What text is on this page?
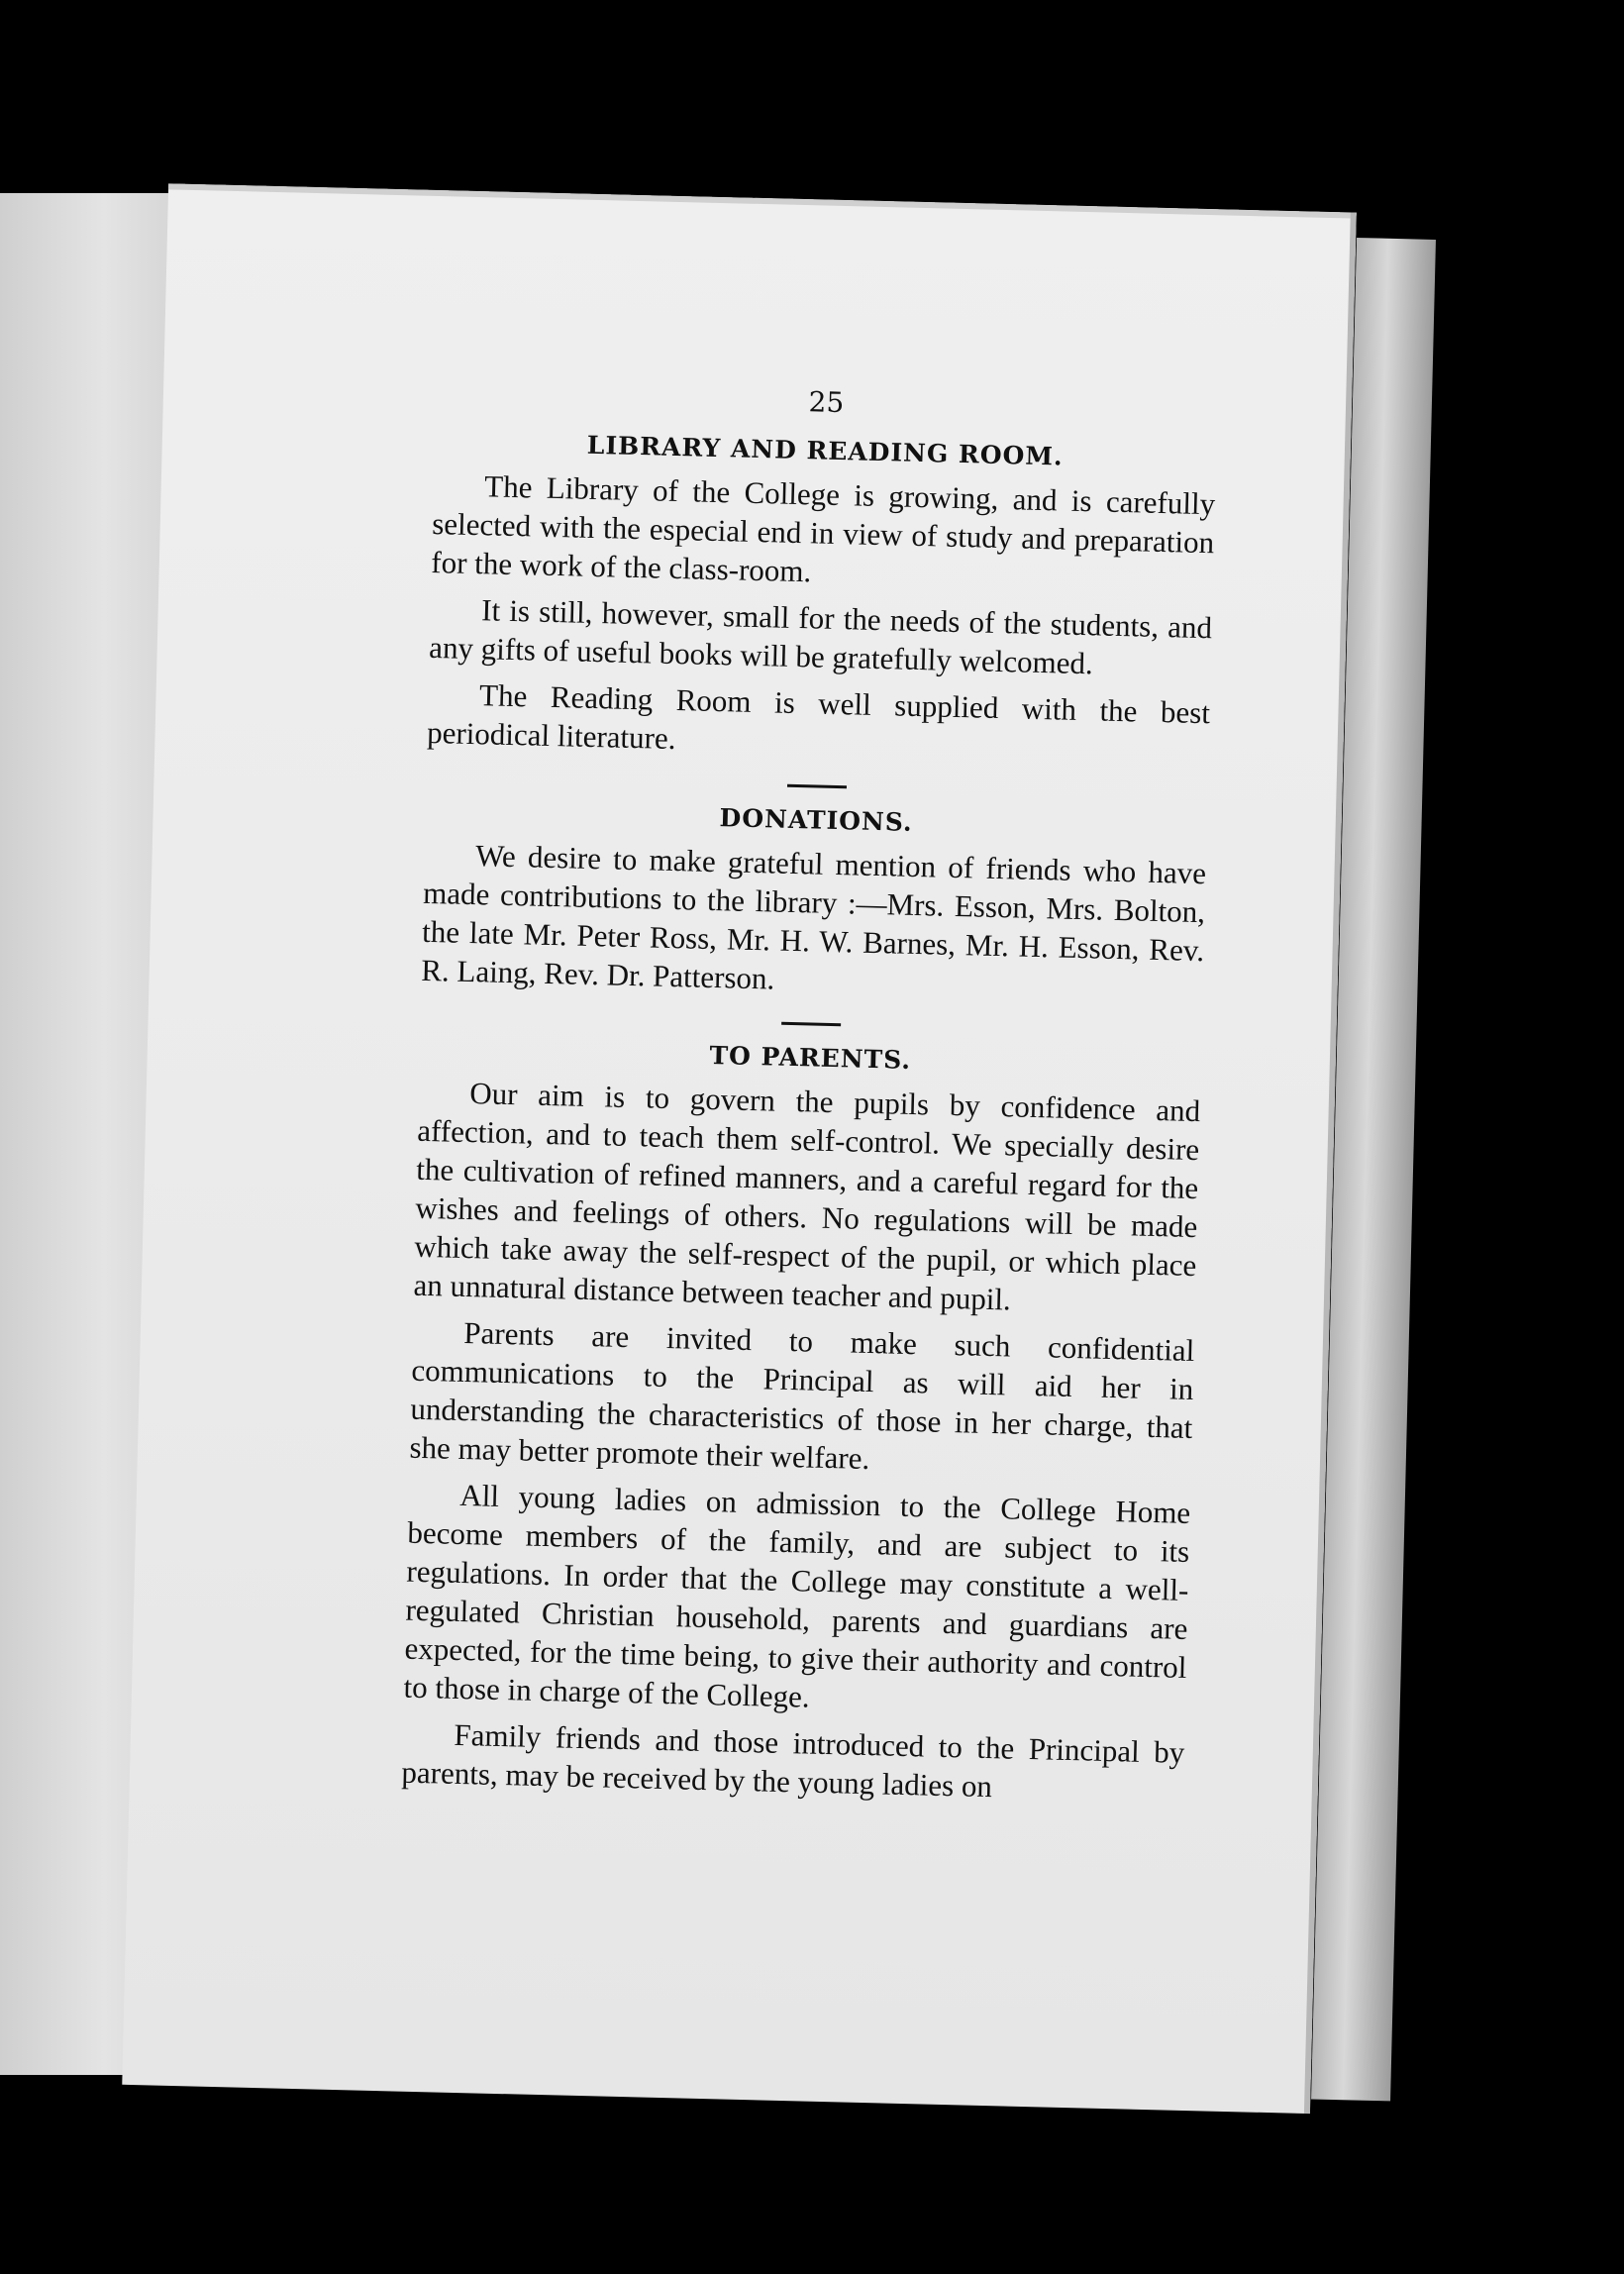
25
LIBRARY AND READING ROOM.

The Library of the College is growing, and is carefully selected with the especial end in view of study and preparation for the work of the class-room.

It is still, however, small for the needs of the students, and any gifts of useful books will be gratefully welcomed.

The Reading Room is well supplied with the best periodical literature.

DONATIONS.

We desire to make grateful mention of friends who have made contributions to the library :—Mrs. Esson, Mrs. Bolton, the late Mr. Peter Ross, Mr. H. W. Barnes, Mr. H. Esson, Rev. R. Laing, Rev. Dr. Patterson.

TO PARENTS.

Our aim is to govern the pupils by confidence and affection, and to teach them self-control. We specially desire the cultivation of refined manners, and a careful regard for the wishes and feelings of others. No regulations will be made which take away the self-respect of the pupil, or which place an unnatural distance between teacher and pupil.

Parents are invited to make such confidential communications to the Principal as will aid her in understanding the characteristics of those in her charge, that she may better promote their welfare.

All young ladies on admission to the College Home become members of the family, and are subject to its regulations. In order that the College may constitute a well-regulated Christian household, parents and guardians are expected, for the time being, to give their authority and control to those in charge of the College.

Family friends and those introduced to the Principal by parents, may be received by the young ladies on
